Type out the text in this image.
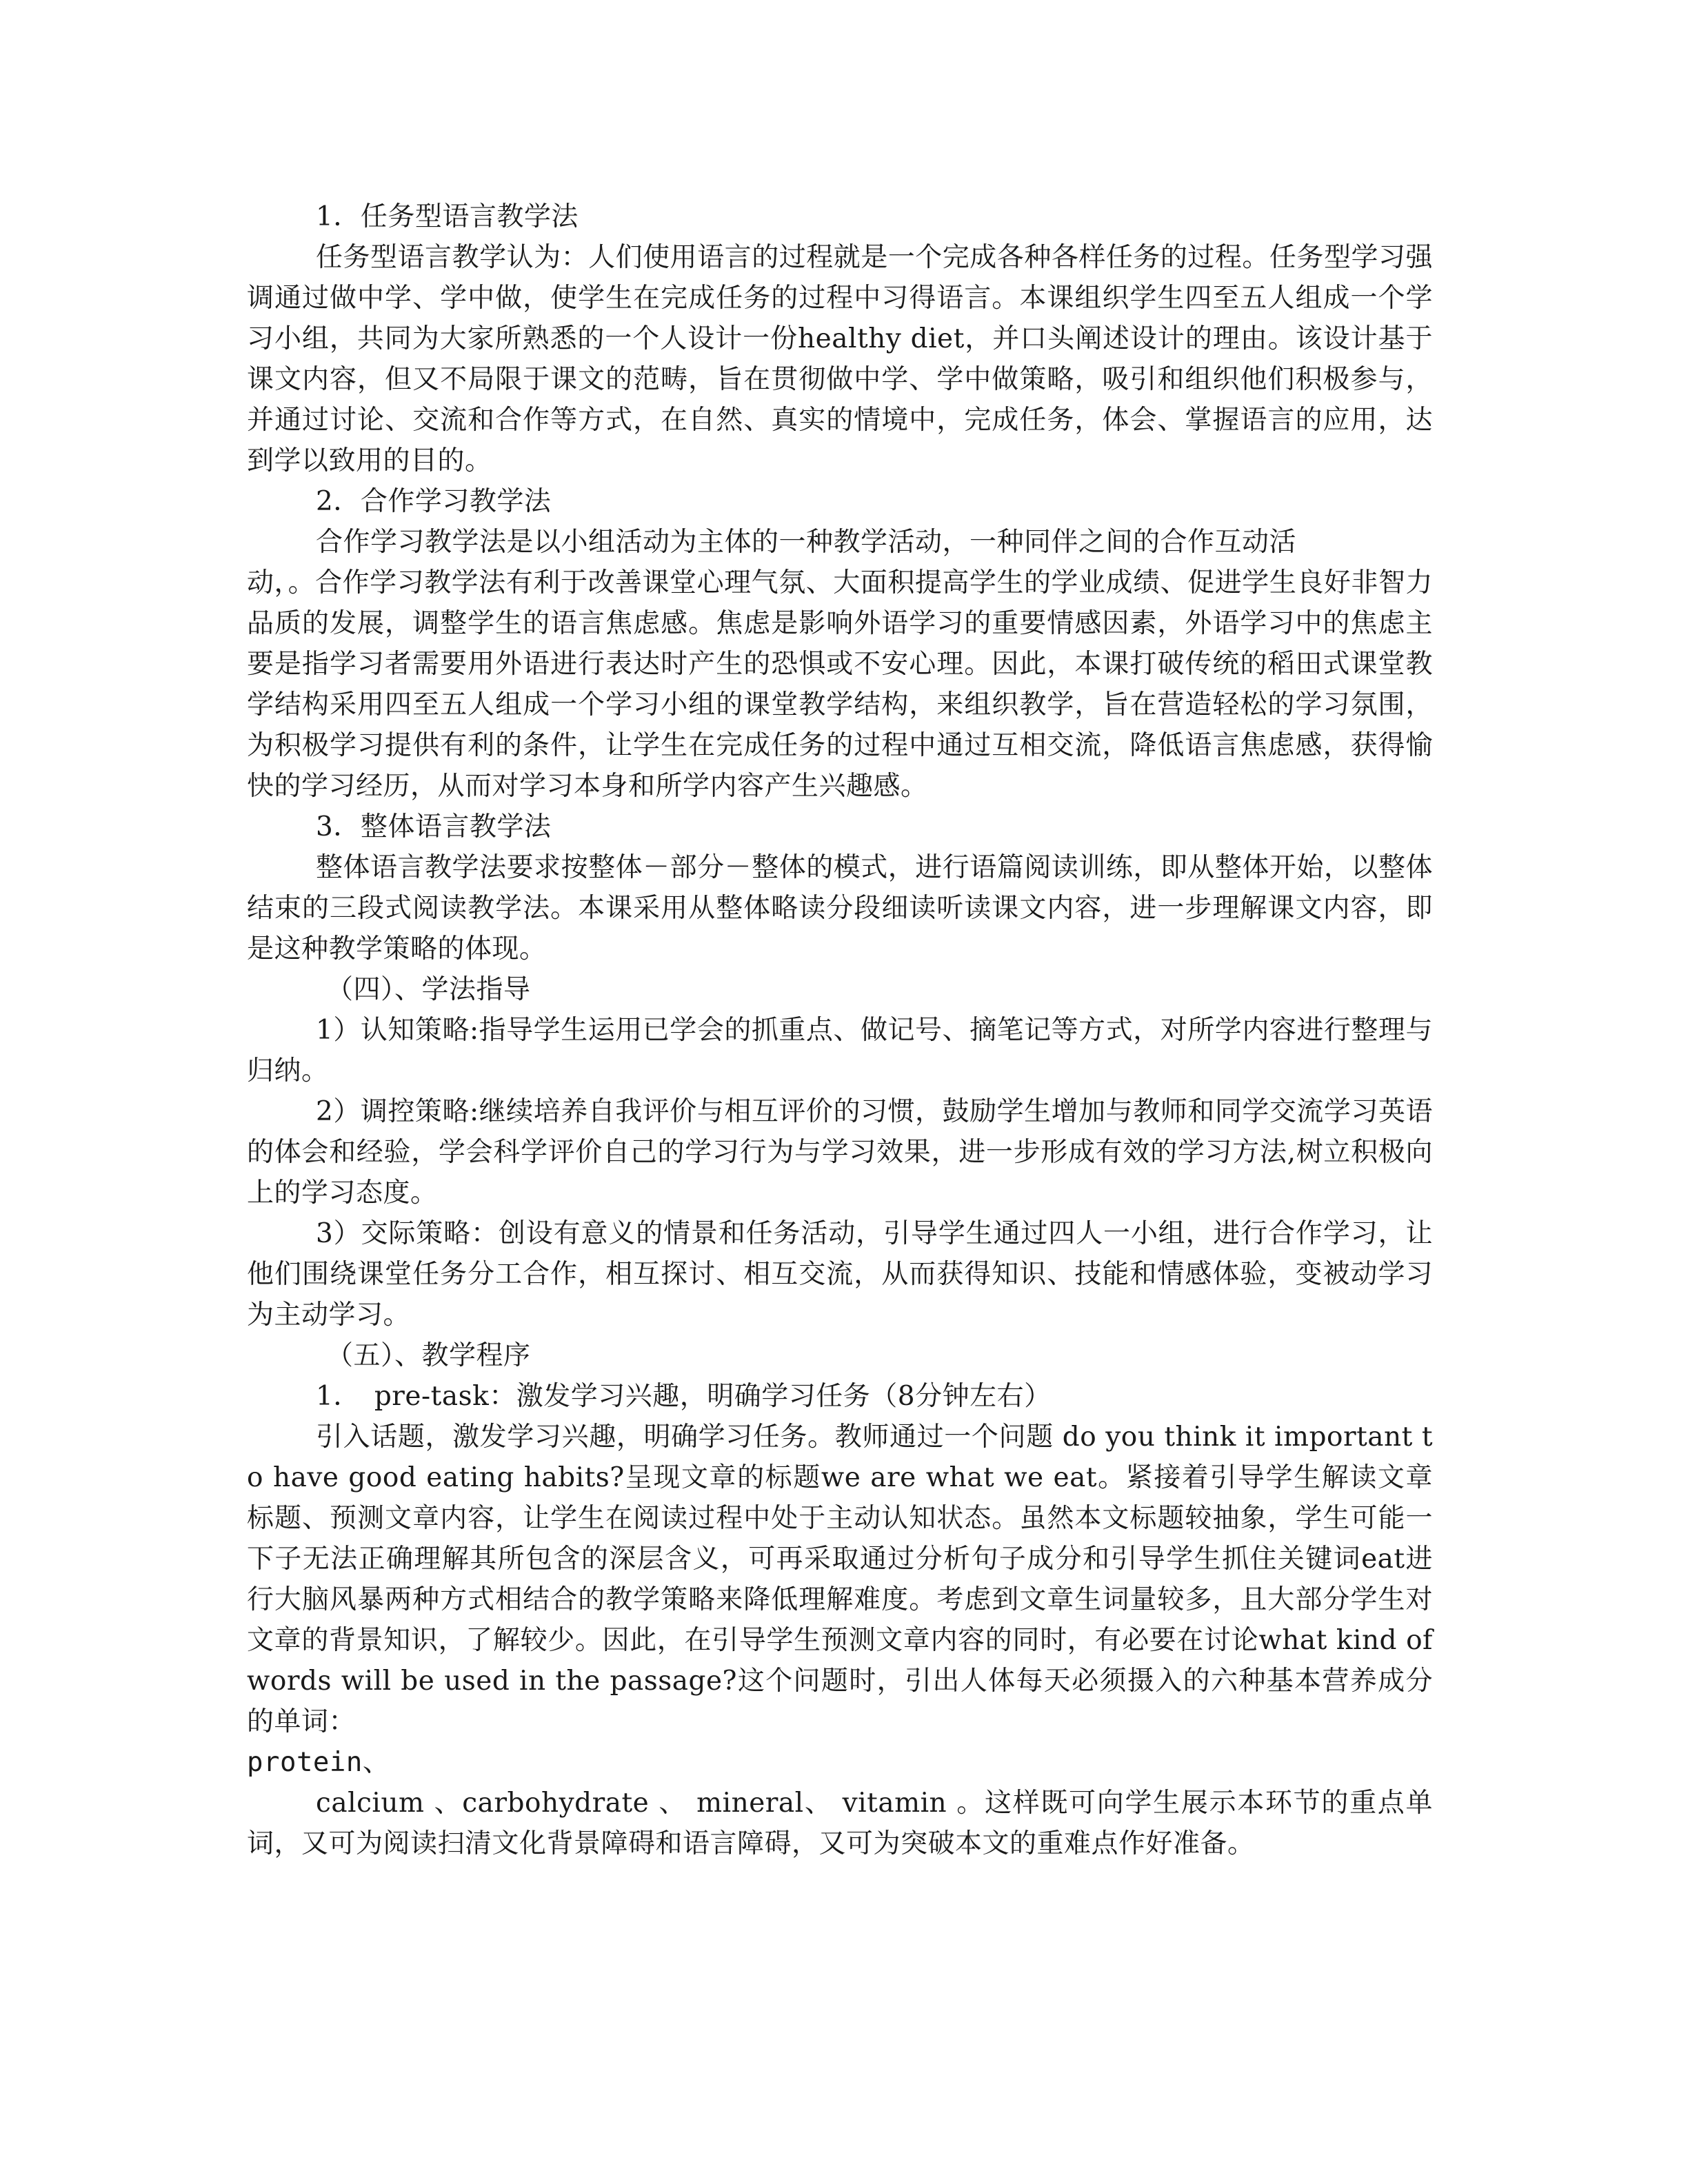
1．任务型语言教学法
任务型语言教学认为：人们使用语言的过程就是一个完成各种各样任务的过程。任务型学习强调通过做中学、学中做，使学生在完成任务的过程中习得语言。本课组织学生四至五人组成一个学习小组，共同为大家所熟悉的一个人设计一份healthy diet，并口头阐述设计的理由。该设计基于课文内容，但又不局限于课文的范畴，旨在贯彻做中学、学中做策略，吸引和组织他们积极参与，并通过讨论、交流和合作等方式，在自然、真实的情境中，完成任务，体会、掌握语言的应用，达到学以致用的目的。
2．合作学习教学法
合作学习教学法是以小组活动为主体的一种教学活动，一种同伴之间的合作互动活
动，。合作学习教学法有利于改善课堂心理气氛、大面积提高学生的学业成绩、促进学生良好非智力品质的发展，调整学生的语言焦虑感。焦虑是影响外语学习的重要情感因素，外语学习中的焦虑主要是指学习者需要用外语进行表达时产生的恐惧或不安心理。因此，本课打破传统的稻田式课堂教学结构采用四至五人组成一个学习小组的课堂教学结构，来组织教学，旨在营造轻松的学习氛围，为积极学习提供有利的条件，让学生在完成任务的过程中通过互相交流，降低语言焦虑感，获得愉快的学习经历，从而对学习本身和所学内容产生兴趣感。
3．整体语言教学法
整体语言教学法要求按整体－部分－整体的模式，进行语篇阅读训练，即从整体开始，以整体结束的三段式阅读教学法。本课采用从整体略读分段细读听读课文内容，进一步理解课文内容，即是这种教学策略的体现。
（四）、学法指导
1）认知策略:指导学生运用已学会的抓重点、做记号、摘笔记等方式，对所学内容进行整理与归纳。
2）调控策略:继续培养自我评价与相互评价的习惯，鼓励学生增加与教师和同学交流学习英语的体会和经验，学会科学评价自己的学习行为与学习效果，进一步形成有效的学习方法,树立积极向上的学习态度。
3）交际策略：创设有意义的情景和任务活动，引导学生通过四人一小组，进行合作学习，让他们围绕课堂任务分工合作，相互探讨、相互交流，从而获得知识、技能和情感体验，变被动学习为主动学习。
（五）、教学程序
1．　pre-task：激发学习兴趣，明确学习任务（8分钟左右）
引入话题，激发学习兴趣，明确学习任务。教师通过一个问题 do you think it important to have good eating habits?呈现文章的标题we are what we eat。紧接着引导学生解读文章标题、预测文章内容，让学生在阅读过程中处于主动认知状态。虽然本文标题较抽象，学生可能一下子无法正确理解其所包含的深层含义，可再采取通过分析句子成分和引导学生抓住关键词eat进行大脑风暴两种方式相结合的教学策略来降低理解难度。考虑到文章生词量较多，且大部分学生对文章的背景知识，了解较少。因此，在引导学生预测文章内容的同时，有必要在讨论what kind of words will be used in the passage?这个问题时，引出人体每天必须摄入的六种基本营养成分的单词：
protein、
calcium 、carbohydrate 、 mineral、 vitamin 。这样既可向学生展示本环节的重点单词，又可为阅读扫清文化背景障碍和语言障碍，又可为突破本文的重难点作好准备。
